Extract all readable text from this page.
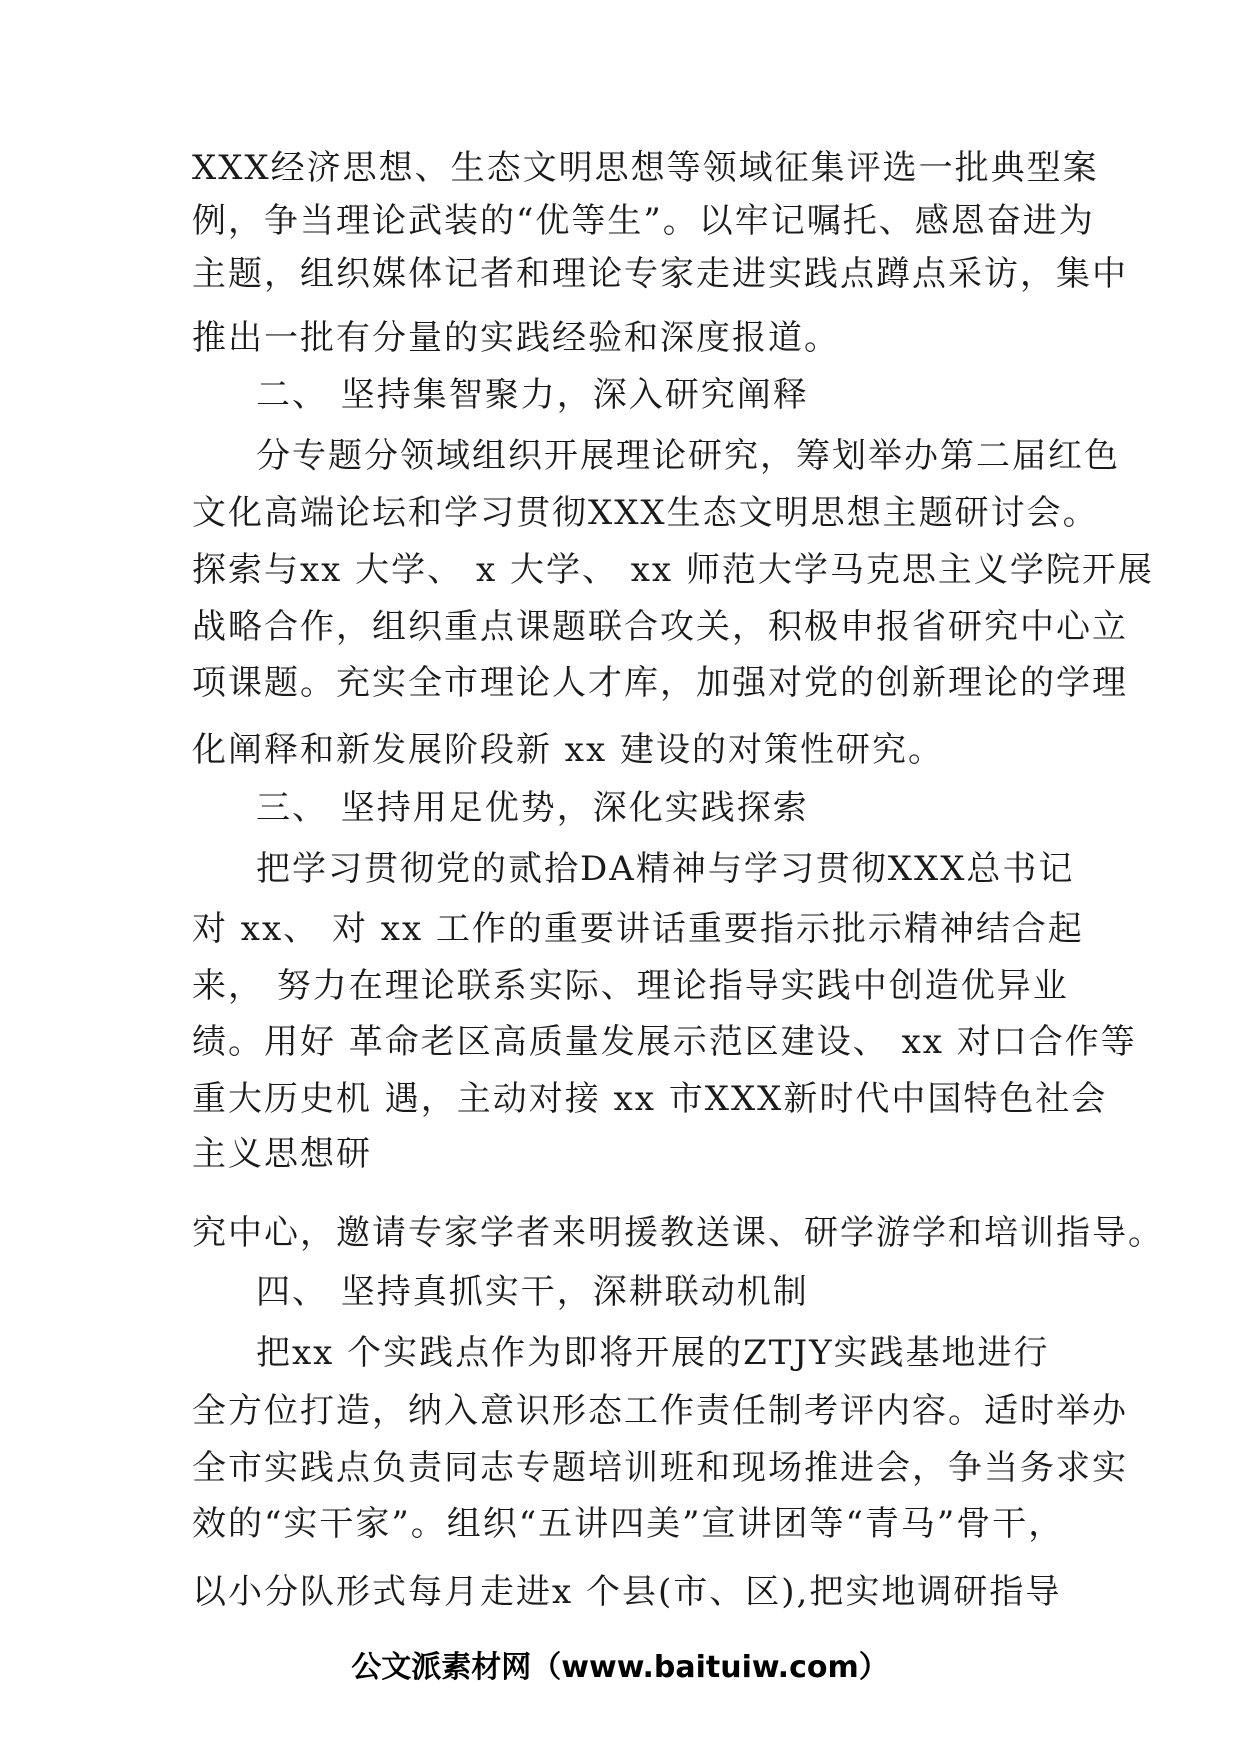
XXX经济思想、生态文明思想等领域征集评选一批典型案
例，争当理论武装的“优等生”。以牢记嘱托、感恩奋进为
主题，组织媒体记者和理论专家走进实践点蹲点采访，集中
推出一批有分量的实践经验和深度报道。
二、 坚持集智聚力，深入研究阐释
分专题分领域组织开展理论研究，筹划举办第二届红色
文化高端论坛和学习贯彻XXX生态文明思想主题研讨会。
探索与xx 大学、 x 大学、 xx 师范大学马克思主义学院开展
战略合作，组织重点课题联合攻关，积极申报省研究中心立
项课题。充实全市理论人才库，加强对党的创新理论的学理
化阐释和新发展阶段新 xx 建设的对策性研究。
三、 坚持用足优势，深化实践探索
把学习贯彻党的贰拾DA精神与学习贯彻XXX总书记
对 xx、 对 xx 工作的重要讲话重要指示批示精神结合起
来， 努力在理论联系实际、理论指导实践中创造优异业
绩。用好 革命老区高质量发展示范区建设、 xx 对口合作等
重大历史机 遇，主动对接 xx 市XXX新时代中国特色社会
主义思想研
究中心，邀请专家学者来明援教送课、研学游学和培训指导。
四、 坚持真抓实干，深耕联动机制
把xx 个实践点作为即将开展的ZTJY实践基地进行
全方位打造，纳入意识形态工作责任制考评内容。适时举办
全市实践点负责同志专题培训班和现场推进会，争当务求实
效的“实干家”。组织“五讲四美”宣讲团等“青马”骨干，
以小分队形式每月走进x 个县(市、区),把实地调研指导
公文派素材网（www.baituiw.com）
